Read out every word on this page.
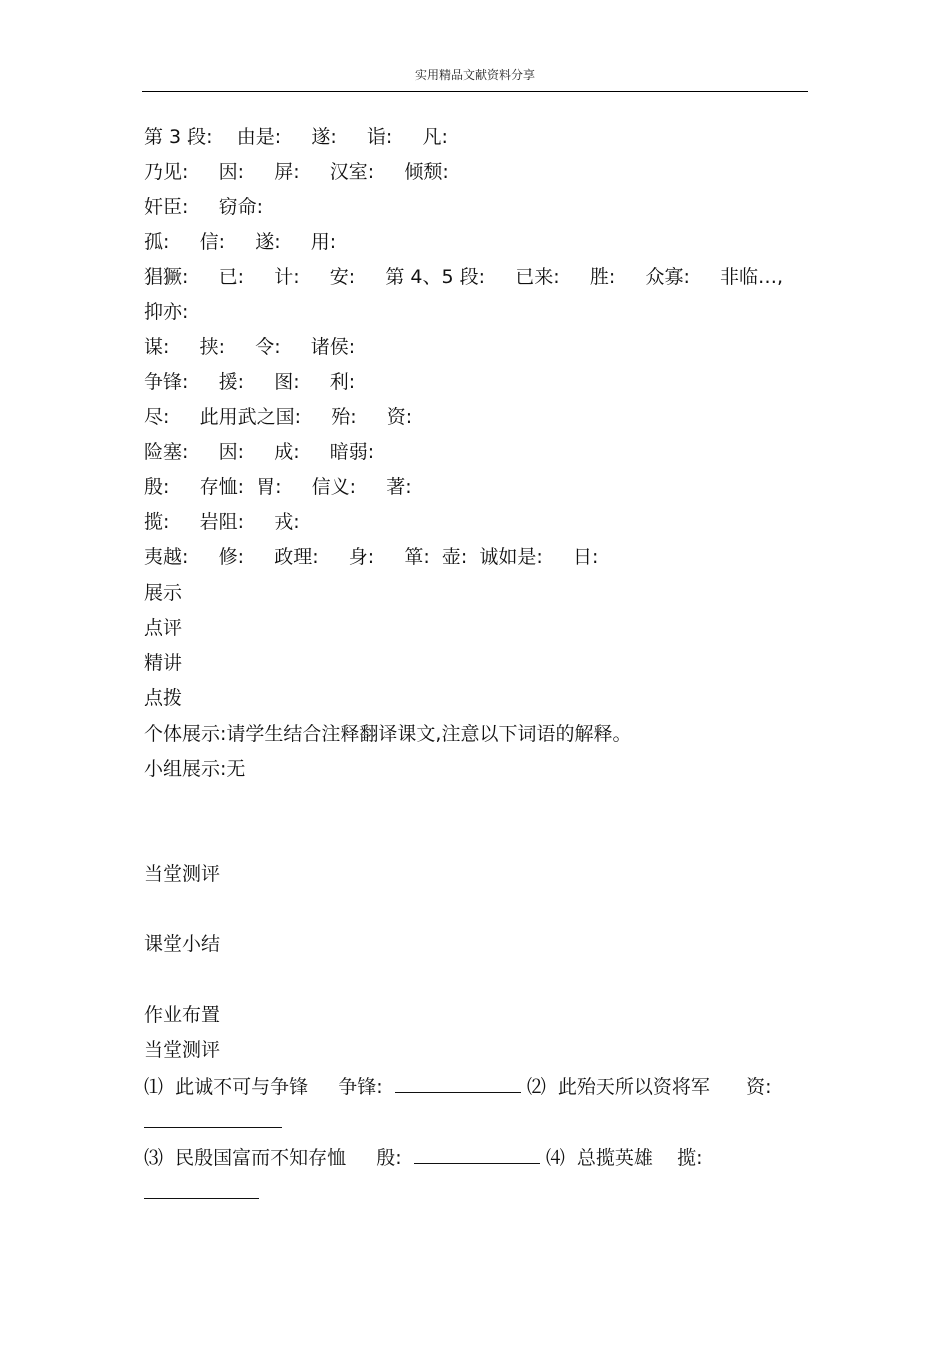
实用精品文献资料分享
第 3 段:    由是:     遂:     诣:     凡:
乃见:     因:     屏:     汉室:     倾颓:
奸臣:     窃命:
孤:     信:     遂:     用:
猖獗:     已:     计:     安:     第 4、5 段:     已来:     胜:     众寡:     非临…,
抑亦:
谋:     挟:     令:     诸侯:
争锋:     援:     图:     利:
尽:     此用武之国:     殆:     资:
险塞:     因:     成:     暗弱:
殷:     存恤:  胃:     信义:     著:
揽:     岩阻:     戎:
夷越:     修:     政理:     身:     箪:  壶:  诚如是:     日:
展示
点评
精讲
点拨
个体展示:请学生结合注释翻译课文,注意以下词语的解释。
小组展示:无
当堂测评
课堂小结
作业布置
当堂测评
⑴  此诚不可与争锋     争锋:	⑵  此殆天所以资将军      资:
⑶  民殷国富而不知存恤     殷:	⑷  总揽英雄    揽:
